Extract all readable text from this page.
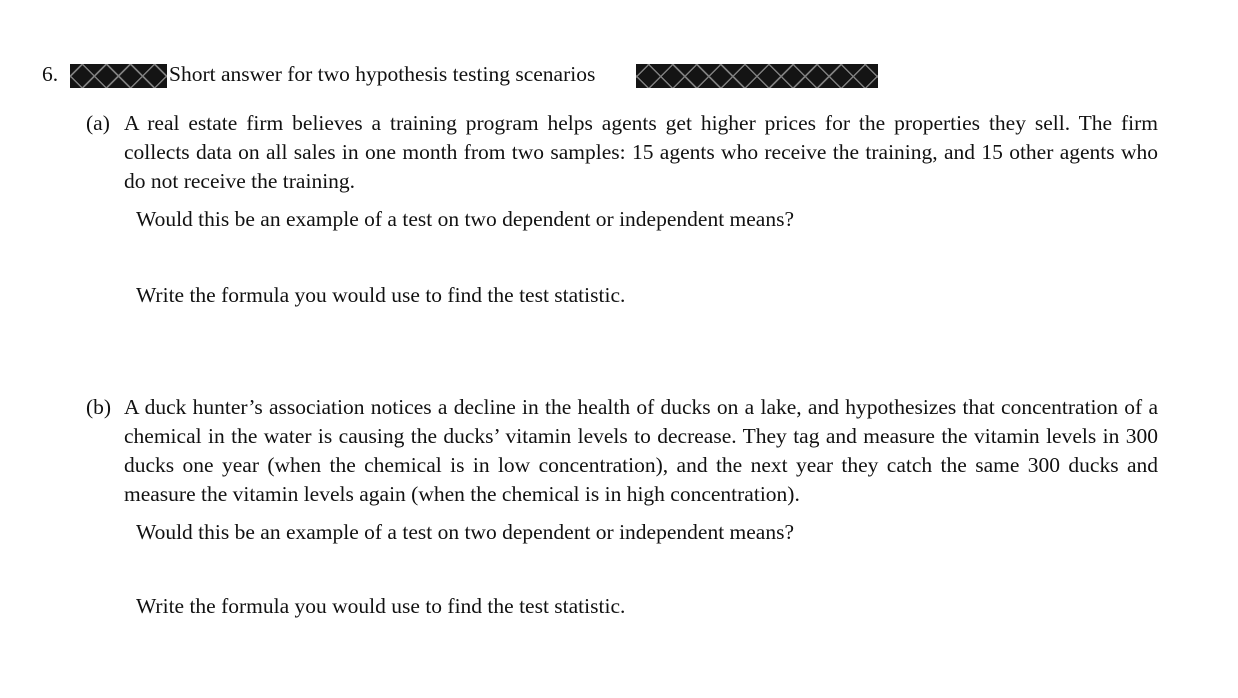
6.	Short answer for two hypothesis testing scenarios
(a) A real estate firm believes a training program helps agents get higher prices for the properties they sell. The firm collects data on all sales in one month from two samples: 15 agents who receive the training, and 15 other agents who do not receive the training.
Would this be an example of a test on two dependent or independent means?
Write the formula you would use to find the test statistic.
(b) A duck hunter’s association notices a decline in the health of ducks on a lake, and hypothesizes that concentration of a chemical in the water is causing the ducks’ vitamin levels to decrease. They tag and measure the vitamin levels in 300 ducks one year (when the chemical is in low concentration), and the next year they catch the same 300 ducks and measure the vitamin levels again (when the chemical is in high concentration).
Would this be an example of a test on two dependent or independent means?
Write the formula you would use to find the test statistic.
